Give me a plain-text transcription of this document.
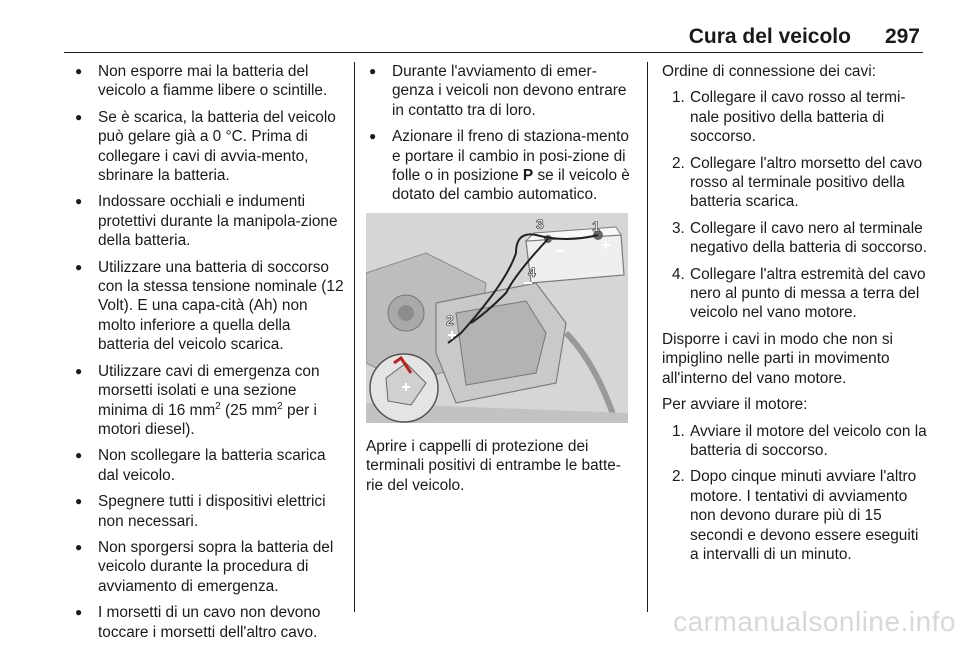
Cura del veicolo 297
● Non esporre mai la batteria del veicolo a fiamme libere o scintille.
● Se è scarica, la batteria del veicolo può gelare già a 0 °C. Prima di collegare i cavi di avvia-mento, sbrinare la batteria.
● Indossare occhiali e indumenti protettivi durante la manipola-zione della batteria.
● Utilizzare una batteria di soccorso con la stessa tensione nominale (12 Volt). E una capa-cità (Ah) non molto inferiore a quella della batteria del veicolo scarica.
● Utilizzare cavi di emergenza con morsetti isolati e una sezione minima di 16 $mm^2$ (25 $mm^2$ per i motori diesel).
● Non scollegare la batteria scarica dal veicolo.
● Spegnere tutti i dispositivi elettrici non necessari.
● Non sporgersi sopra la batteria del veicolo durante la procedura di avviamento di emergenza.
● I morsetti di un cavo non devono toccare i morsetti dell'altro cavo.
● Durante l'avviamento di emer-genza i veicoli non devono entrare in contatto tra di loro.
● Azionare il freno di staziona-mento e portare il cambio in posi-zione di folle o in posizione P se il veicolo è dotato del cambio automatico.
1
2
3
4

Aprire i cappelli di protezione dei terminali positivi di entrambe le batte-rie del veicolo.

Ordine di connessione dei cavi:

1. Collegare il cavo rosso al termi-nale positivo della batteria di soccorso.
2. Collegare l'altro morsetto del cavo rosso al terminale positivo della batteria scarica.
3. Collegare il cavo nero al terminale negativo della batteria di soccorso.
4. Collegare l'altra estremità del cavo nero al punto di messa a terra del veicolo nel vano motore.

Disporre i cavi in modo che non si impiglino nelle parti in movimento all'interno del vano motore.

Per avviare il motore:

1. Avviare il motore del veicolo con la batteria di soccorso.
2. Dopo cinque minuti avviare l'altro motore. I tentativi di avviamento non devono durare più di 15 secondi e devono essere eseguiti a intervalli di un minuto.
carmanualsonline.info
